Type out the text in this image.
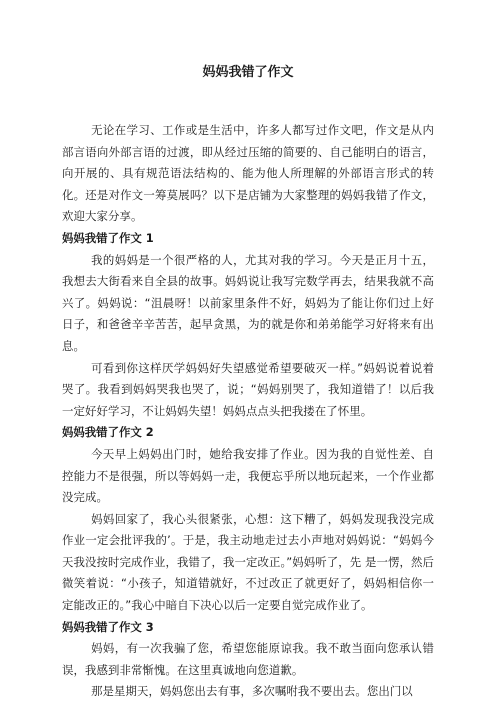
妈妈我错了作文

无论在学习、工作或是生活中，许多人都写过作文吧，作文是从内部言语向外部言语的过渡，即从经过压缩的简要的、自己能明白的语言，向开展的、具有规范语法结构的、能为他人所理解的外部语言形式的转化。还是对作文一筹莫展吗？以下是店铺为大家整理的妈妈我错了作文，欢迎大家分享。

妈妈我错了作文 1

我的妈妈是一个很严格的人，尤其对我的学习。今天是正月十五，我想去大街看来自全县的故事。妈妈说让我写完数学再去，结果我就不高兴了。妈妈说：“沮晨呀！以前家里条件不好，妈妈为了能让你们过上好日子，和爸爸辛辛苦苦，起早贪黑，为的就是你和弟弟能学习好将来有出息。

可看到你这样厌学妈妈好失望感觉希望要破灭一样。”妈妈说着说着哭了。我看到妈妈哭我也哭了，说；“妈妈别哭了，我知道错了！以后我一定好好学习，不让妈妈失望！妈妈点点头把我搂在了怀里。

妈妈我错了作文 2

今天早上妈妈出门时，她给我安排了作业。因为我的自觉性差、自控能力不是很强，所以等妈妈一走，我便忘乎所以地玩起来，一个作业都没完成。

妈妈回家了，我心头很紧张，心想：这下糟了，妈妈发现我没完成作业一定会批评我的’。于是，我主动地走过去小声地对妈妈说：“妈妈今天我没按时完成作业，我错了，我一定改正。”妈妈听了，先 是一愣，然后微笑着说：“小孩子，知道错就好，不过改正了就更好了，妈妈相信你一定能改正的。”我心中暗自下决心以后一定要自觉完成作业了。

妈妈我错了作文 3

妈妈，有一次我骗了您，希望您能原谅我。我不敢当面向您承认错误，我感到非常惭愧。在这里真诚地向您道歉。

那是星期天，妈妈您出去有事，多次嘱咐我不要出去。您出门以
